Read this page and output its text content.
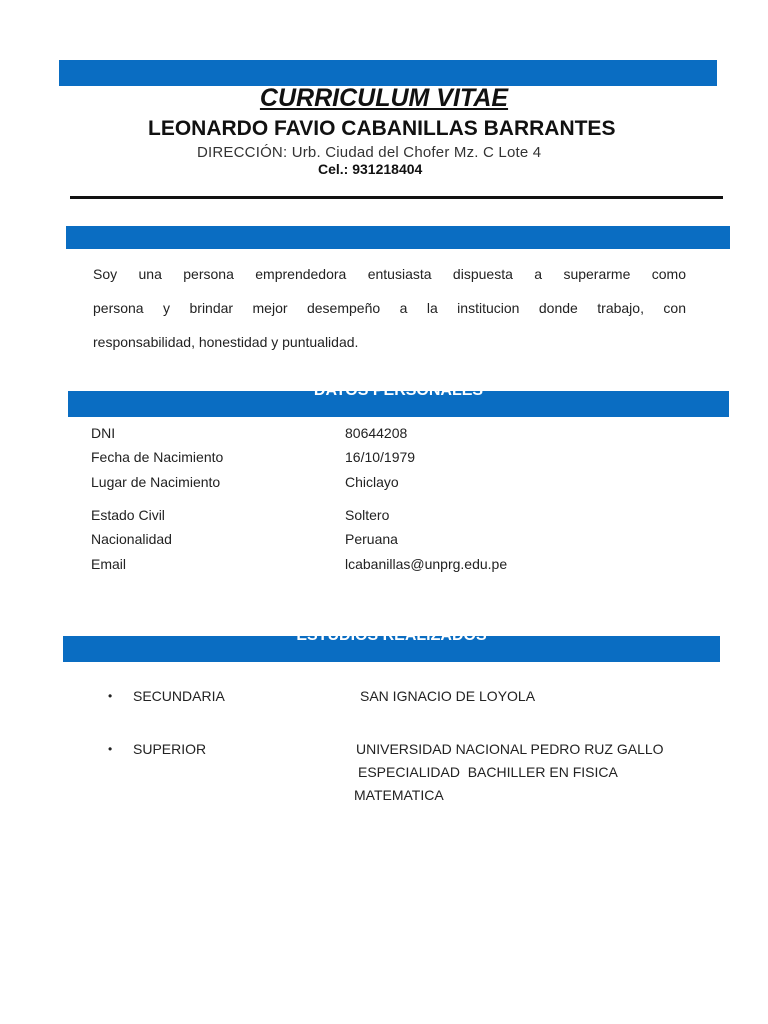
CURRICULUM VITAE
LEONARDO FAVIO CABANILLAS BARRANTES
DIRECCIÓN: Urb. Ciudad del Chofer Mz. C Lote 4
Cel.: 931218404

Soy una persona emprendedora entusiasta dispuesta a superarme como

persona y brindar mejor desempeño a la institucion donde trabajo, con

responsabilidad, honestidad y puntualidad.

DATOS PERSONALES
DNI	80644208
Fecha de Nacimiento	16/10/1979
Lugar de Nacimiento	Chiclayo
Estado Civil	Soltero
Nacionalidad	Peruana
Email	lcabanillas@unprg.edu.pe
ESTUDIOS REALIZADOS
• SECUNDARIA	SAN IGNACIO DE LOYOLA
• SUPERIOR	UNIVERSIDAD NACIONAL PEDRO RUZ GALLO
ESPECIALIDAD  BACHILLER EN FISICA
MATEMATICA
